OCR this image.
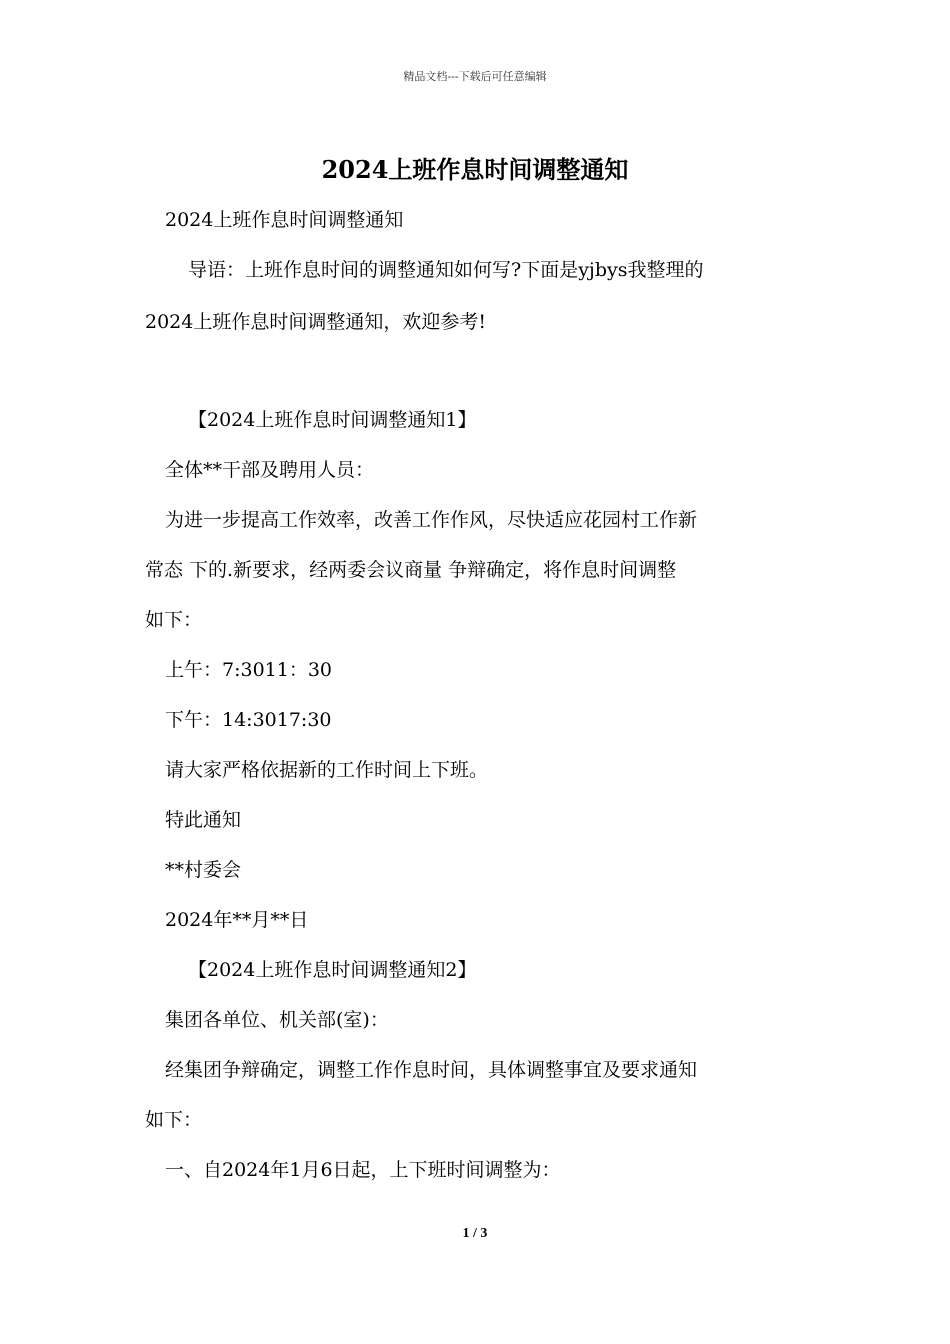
精品文档---下载后可任意编辑
2024上班作息时间调整通知
2024上班作息时间调整通知
导语：上班作息时间的调整通知如何写?下面是yjbys我整理的
2024上班作息时间调整通知，欢迎参考!
【2024上班作息时间调整通知1】
全体**干部及聘用人员：
为进一步提高工作效率，改善工作作风，尽快适应花园村工作新
常态 下的.新要求，经两委会议商量 争辩确定，将作息时间调整
如下：
上午：7:3011：30
下午：14:3017:30
请大家严格依据新的工作时间上下班。
特此通知
**村委会
2024年**月**日
【2024上班作息时间调整通知2】
集团各单位、机关部(室)：
经集团争辩确定，调整工作作息时间，具体调整事宜及要求通知
如下：
一、自2024年1月6日起，上下班时间调整为：
1 / 3
